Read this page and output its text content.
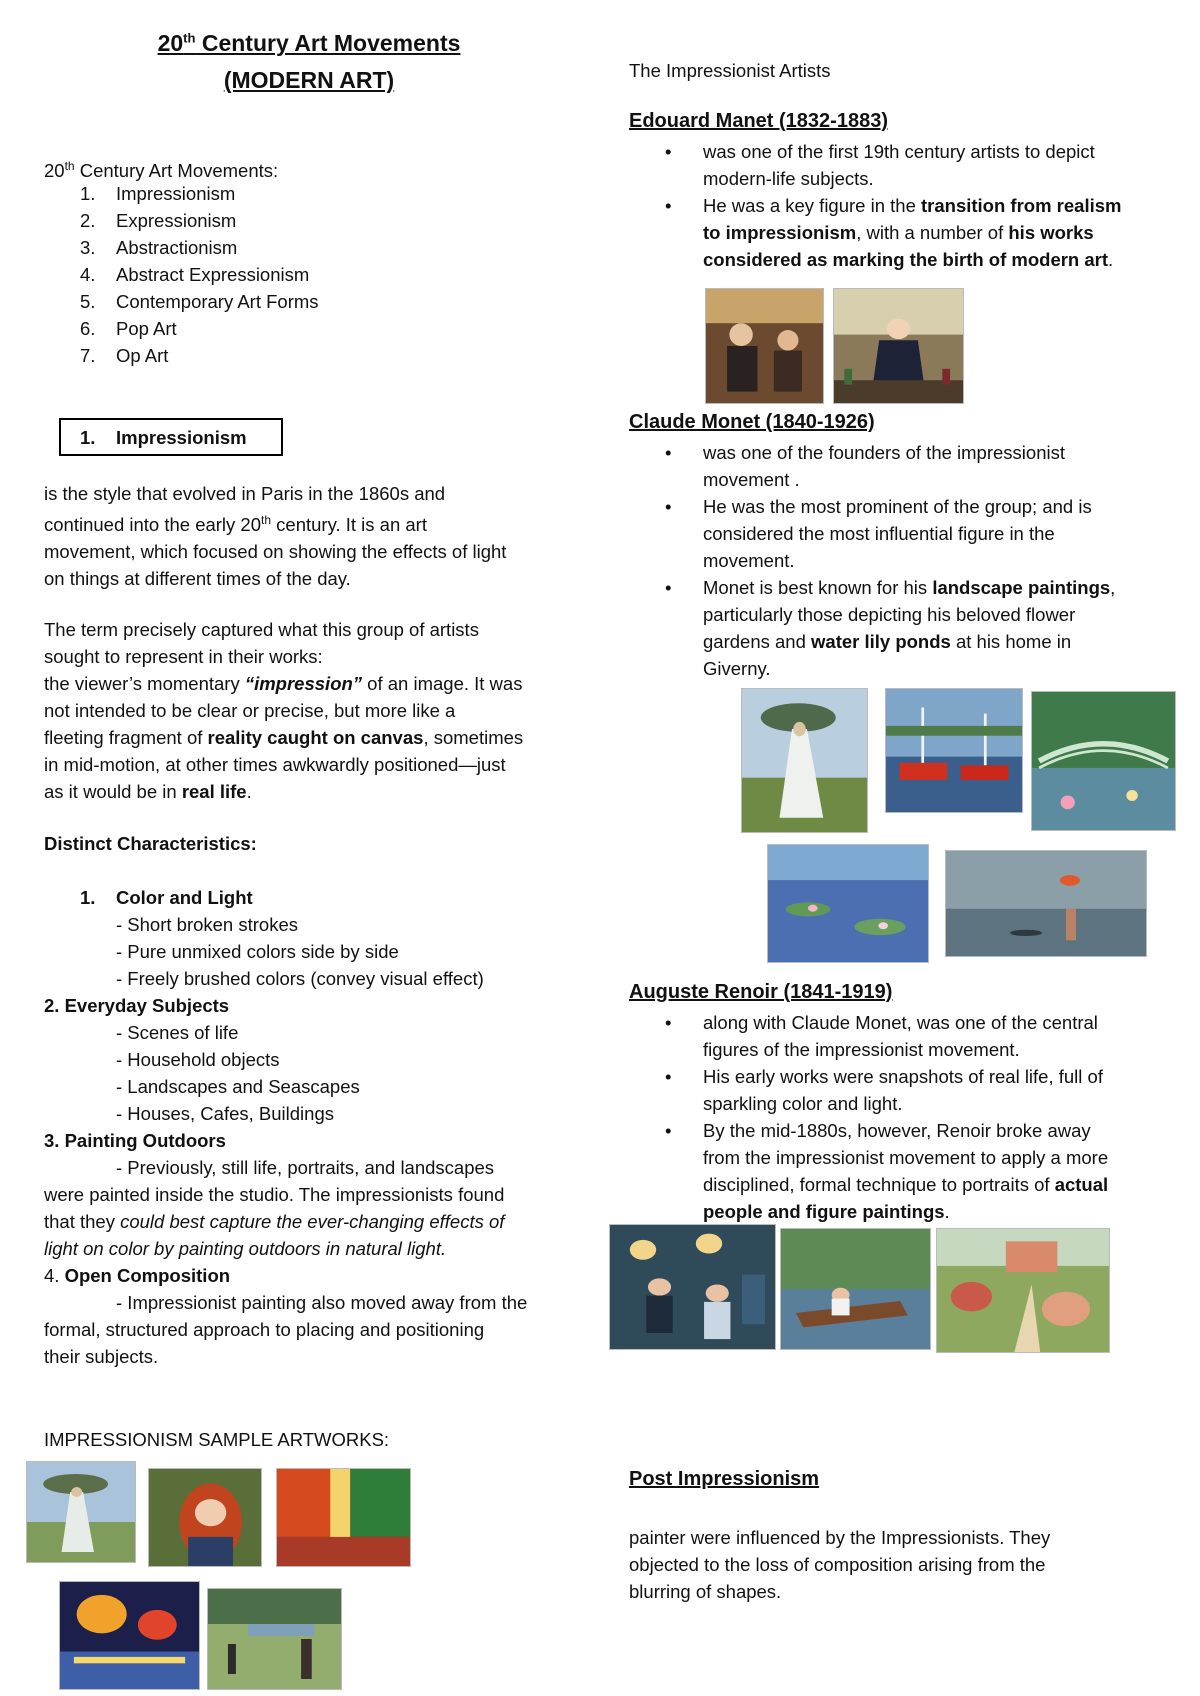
20th Century Art Movements
(MODERN ART)
20th Century Art Movements:
1. Impressionism
2. Expressionism
3. Abstractionism
4. Abstract Expressionism
5. Contemporary Art Forms
6. Pop Art
7. Op Art
1. Impressionism
is the style that evolved in Paris in the 1860s and
continued into the early 20th century. It is an art
movement, which focused on showing the effects of light
on things at different times of the day.
The term precisely captured what this group of artists
sought to represent in their works:
the viewer’s momentary “impression” of an image. It was
not intended to be clear or precise, but more like a
fleeting fragment of reality caught on canvas, sometimes
in mid-motion, at other times awkwardly positioned—just
as it would be in real life.
Distinct Characteristics:
1. Color and Light
- Short broken strokes
- Pure unmixed colors side by side
- Freely brushed colors (convey visual effect)
2. Everyday Subjects
- Scenes of life
- Household objects
- Landscapes and Seascapes
- Houses, Cafes, Buildings
3. Painting Outdoors
- Previously, still life, portraits, and landscapes
were painted inside the studio. The impressionists found
that they could best capture the ever-changing effects of
light on color by painting outdoors in natural light.
4. Open Composition
- Impressionist painting also moved away from the
formal, structured approach to placing and positioning
their subjects.
IMPRESSIONISM SAMPLE ARTWORKS:
The Impressionist Artists
Edouard Manet (1832-1883)
• was one of the first 19th century artists to depict
modern-life subjects.
• He was a key figure in the transition from realism
to impressionism, with a number of his works
considered as marking the birth of modern art.
Claude Monet (1840-1926)
• was one of the founders of the impressionist
movement .
• He was the most prominent of the group; and is
considered the most influential figure in the
movement.
• Monet is best known for his landscape paintings,
particularly those depicting his beloved flower
gardens and water lily ponds at his home in
Giverny.
Auguste Renoir (1841-1919)
• along with Claude Monet, was one of the central
figures of the impressionist movement.
• His early works were snapshots of real life, full of
sparkling color and light.
• By the mid-1880s, however, Renoir broke away
from the impressionist movement to apply a more
disciplined, formal technique to portraits of actual
people and figure paintings.
Post Impressionism
painter were influenced by the Impressionists. They
objected to the loss of composition arising from the
blurring of shapes.
